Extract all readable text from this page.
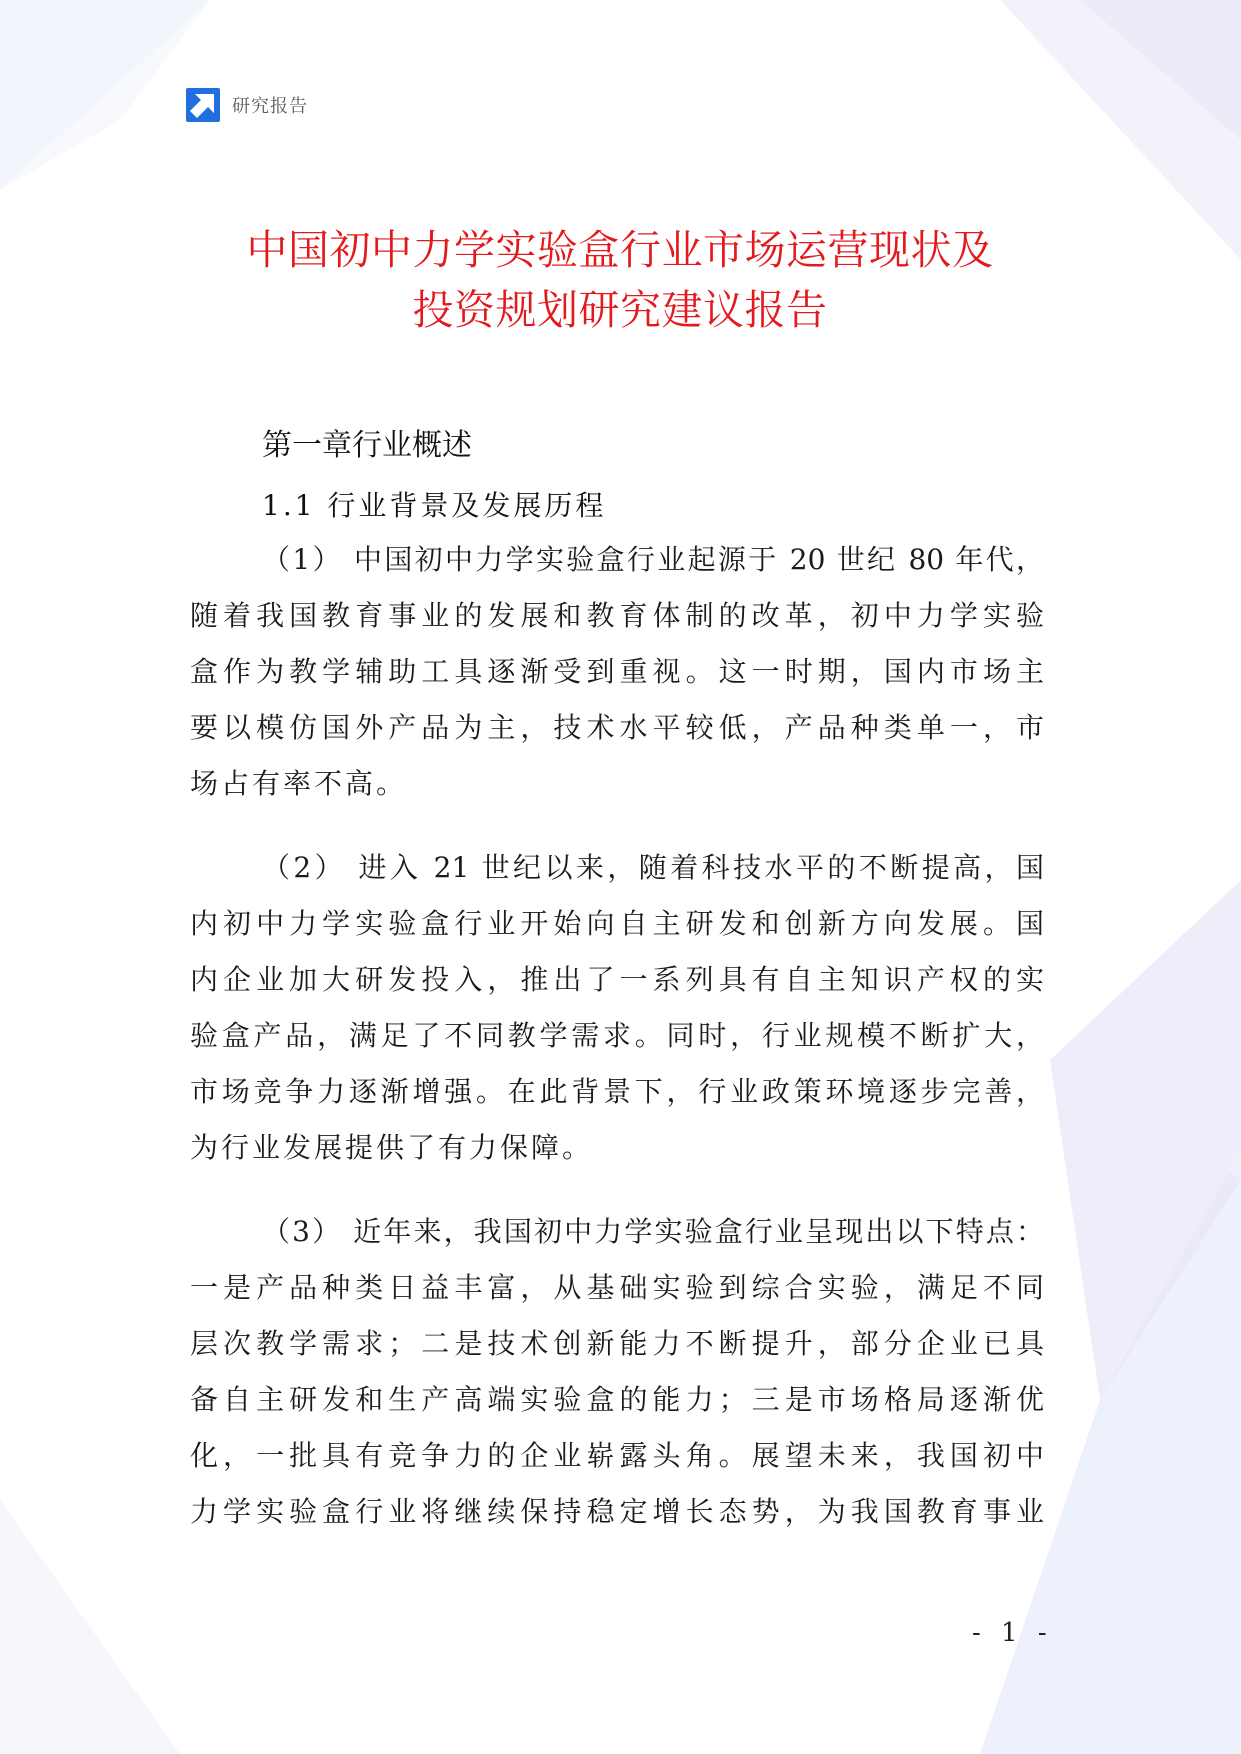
研究报告
中国初中力学实验盒行业市场运营现状及
投资规划研究建议报告
第一章行业概述
1.1 行业背景及发展历程
（1） 中国初中力学实验盒行业起源于 20 世纪 80 年代，
随着我国教育事业的发展和教育体制的改革，初中力学实验
盒作为教学辅助工具逐渐受到重视。这一时期，国内市场主
要以模仿国外产品为主，技术水平较低，产品种类单一，市
场占有率不高。
（2） 进入 21 世纪以来，随着科技水平的不断提高，国
内初中力学实验盒行业开始向自主研发和创新方向发展。国
内企业加大研发投入，推出了一系列具有自主知识产权的实
验盒产品，满足了不同教学需求。同时，行业规模不断扩大，
市场竞争力逐渐增强。在此背景下，行业政策环境逐步完善，
为行业发展提供了有力保障。
（3） 近年来，我国初中力学实验盒行业呈现出以下特点：
一是产品种类日益丰富，从基础实验到综合实验，满足不同
层次教学需求；二是技术创新能力不断提升，部分企业已具
备自主研发和生产高端实验盒的能力；三是市场格局逐渐优
化，一批具有竞争力的企业崭露头角。展望未来，我国初中
力学实验盒行业将继续保持稳定增长态势，为我国教育事业
- 1 -
